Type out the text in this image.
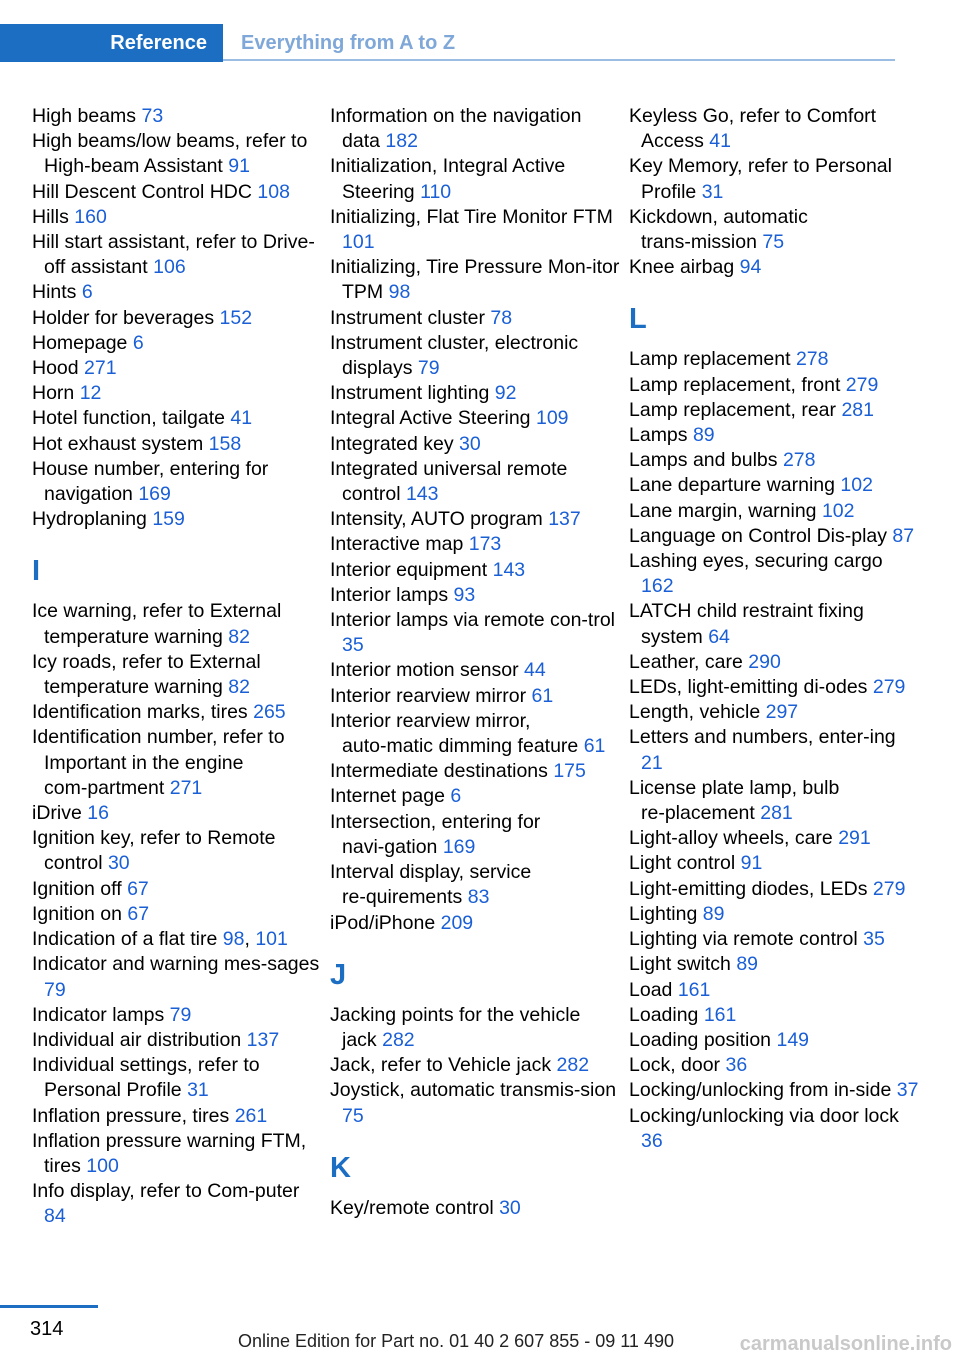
Reference	Everything from A to Z
High beams 73
High beams/low beams, refer to High-beam Assistant 91
Hill Descent Control HDC 108
Hills 160
Hill start assistant, refer to Drive-off assistant 106
Hints 6
Holder for beverages 152
Homepage 6
Hood 271
Horn 12
Hotel function, tailgate 41
Hot exhaust system 158
House number, entering for navigation 169
Hydroplaning 159
I
Ice warning, refer to External temperature warning 82
Icy roads, refer to External temperature warning 82
Identification marks, tires 265
Identification number, refer to Important in the engine com‑partment 271
iDrive 16
Ignition key, refer to Remote control 30
Ignition off 67
Ignition on 67
Indication of a flat tire 98, 101
Indicator and warning mes‑sages 79
Indicator lamps 79
Individual air distribution 137
Individual settings, refer to Personal Profile 31
Inflation pressure, tires 261
Inflation pressure warning FTM, tires 100
Info display, refer to Com‑puter 84
Information on the navigation data 182
Initialization, Integral Active Steering 110
Initializing, Flat Tire Monitor FTM 101
Initializing, Tire Pressure Mon‑itor TPM 98
Instrument cluster 78
Instrument cluster, electronic displays 79
Instrument lighting 92
Integral Active Steering 109
Integrated key 30
Integrated universal remote control 143
Intensity, AUTO program 137
Interactive map 173
Interior equipment 143
Interior lamps 93
Interior lamps via remote con‑trol 35
Interior motion sensor 44
Interior rearview mirror 61
Interior rearview mirror, auto‑matic dimming feature 61
Intermediate destinations 175
Internet page 6
Intersection, entering for navi‑gation 169
Interval display, service re‑quirements 83
iPod/iPhone 209
J
Jacking points for the vehicle jack 282
Jack, refer to Vehicle jack 282
Joystick, automatic transmis‑sion 75
K
Key/remote control 30
Keyless Go, refer to Comfort Access 41
Key Memory, refer to Personal Profile 31
Kickdown, automatic trans‑mission 75
Knee airbag 94
L
Lamp replacement 278
Lamp replacement, front 279
Lamp replacement, rear 281
Lamps 89
Lamps and bulbs 278
Lane departure warning 102
Lane margin, warning 102
Language on Control Dis‑play 87
Lashing eyes, securing cargo 162
LATCH child restraint fixing system 64
Leather, care 290
LEDs, light-emitting di‑odes 279
Length, vehicle 297
Letters and numbers, enter‑ing 21
License plate lamp, bulb re‑placement 281
Light-alloy wheels, care 291
Light control 91
Light-emitting diodes, LEDs 279
Lighting 89
Lighting via remote control 35
Light switch 89
Load 161
Loading 161
Loading position 149
Lock, door 36
Locking/unlocking from in‑side 37
Locking/unlocking via door lock 36
314
Online Edition for Part no. 01 40 2 607 855 - 09 11 490	carmanualsonline.info
